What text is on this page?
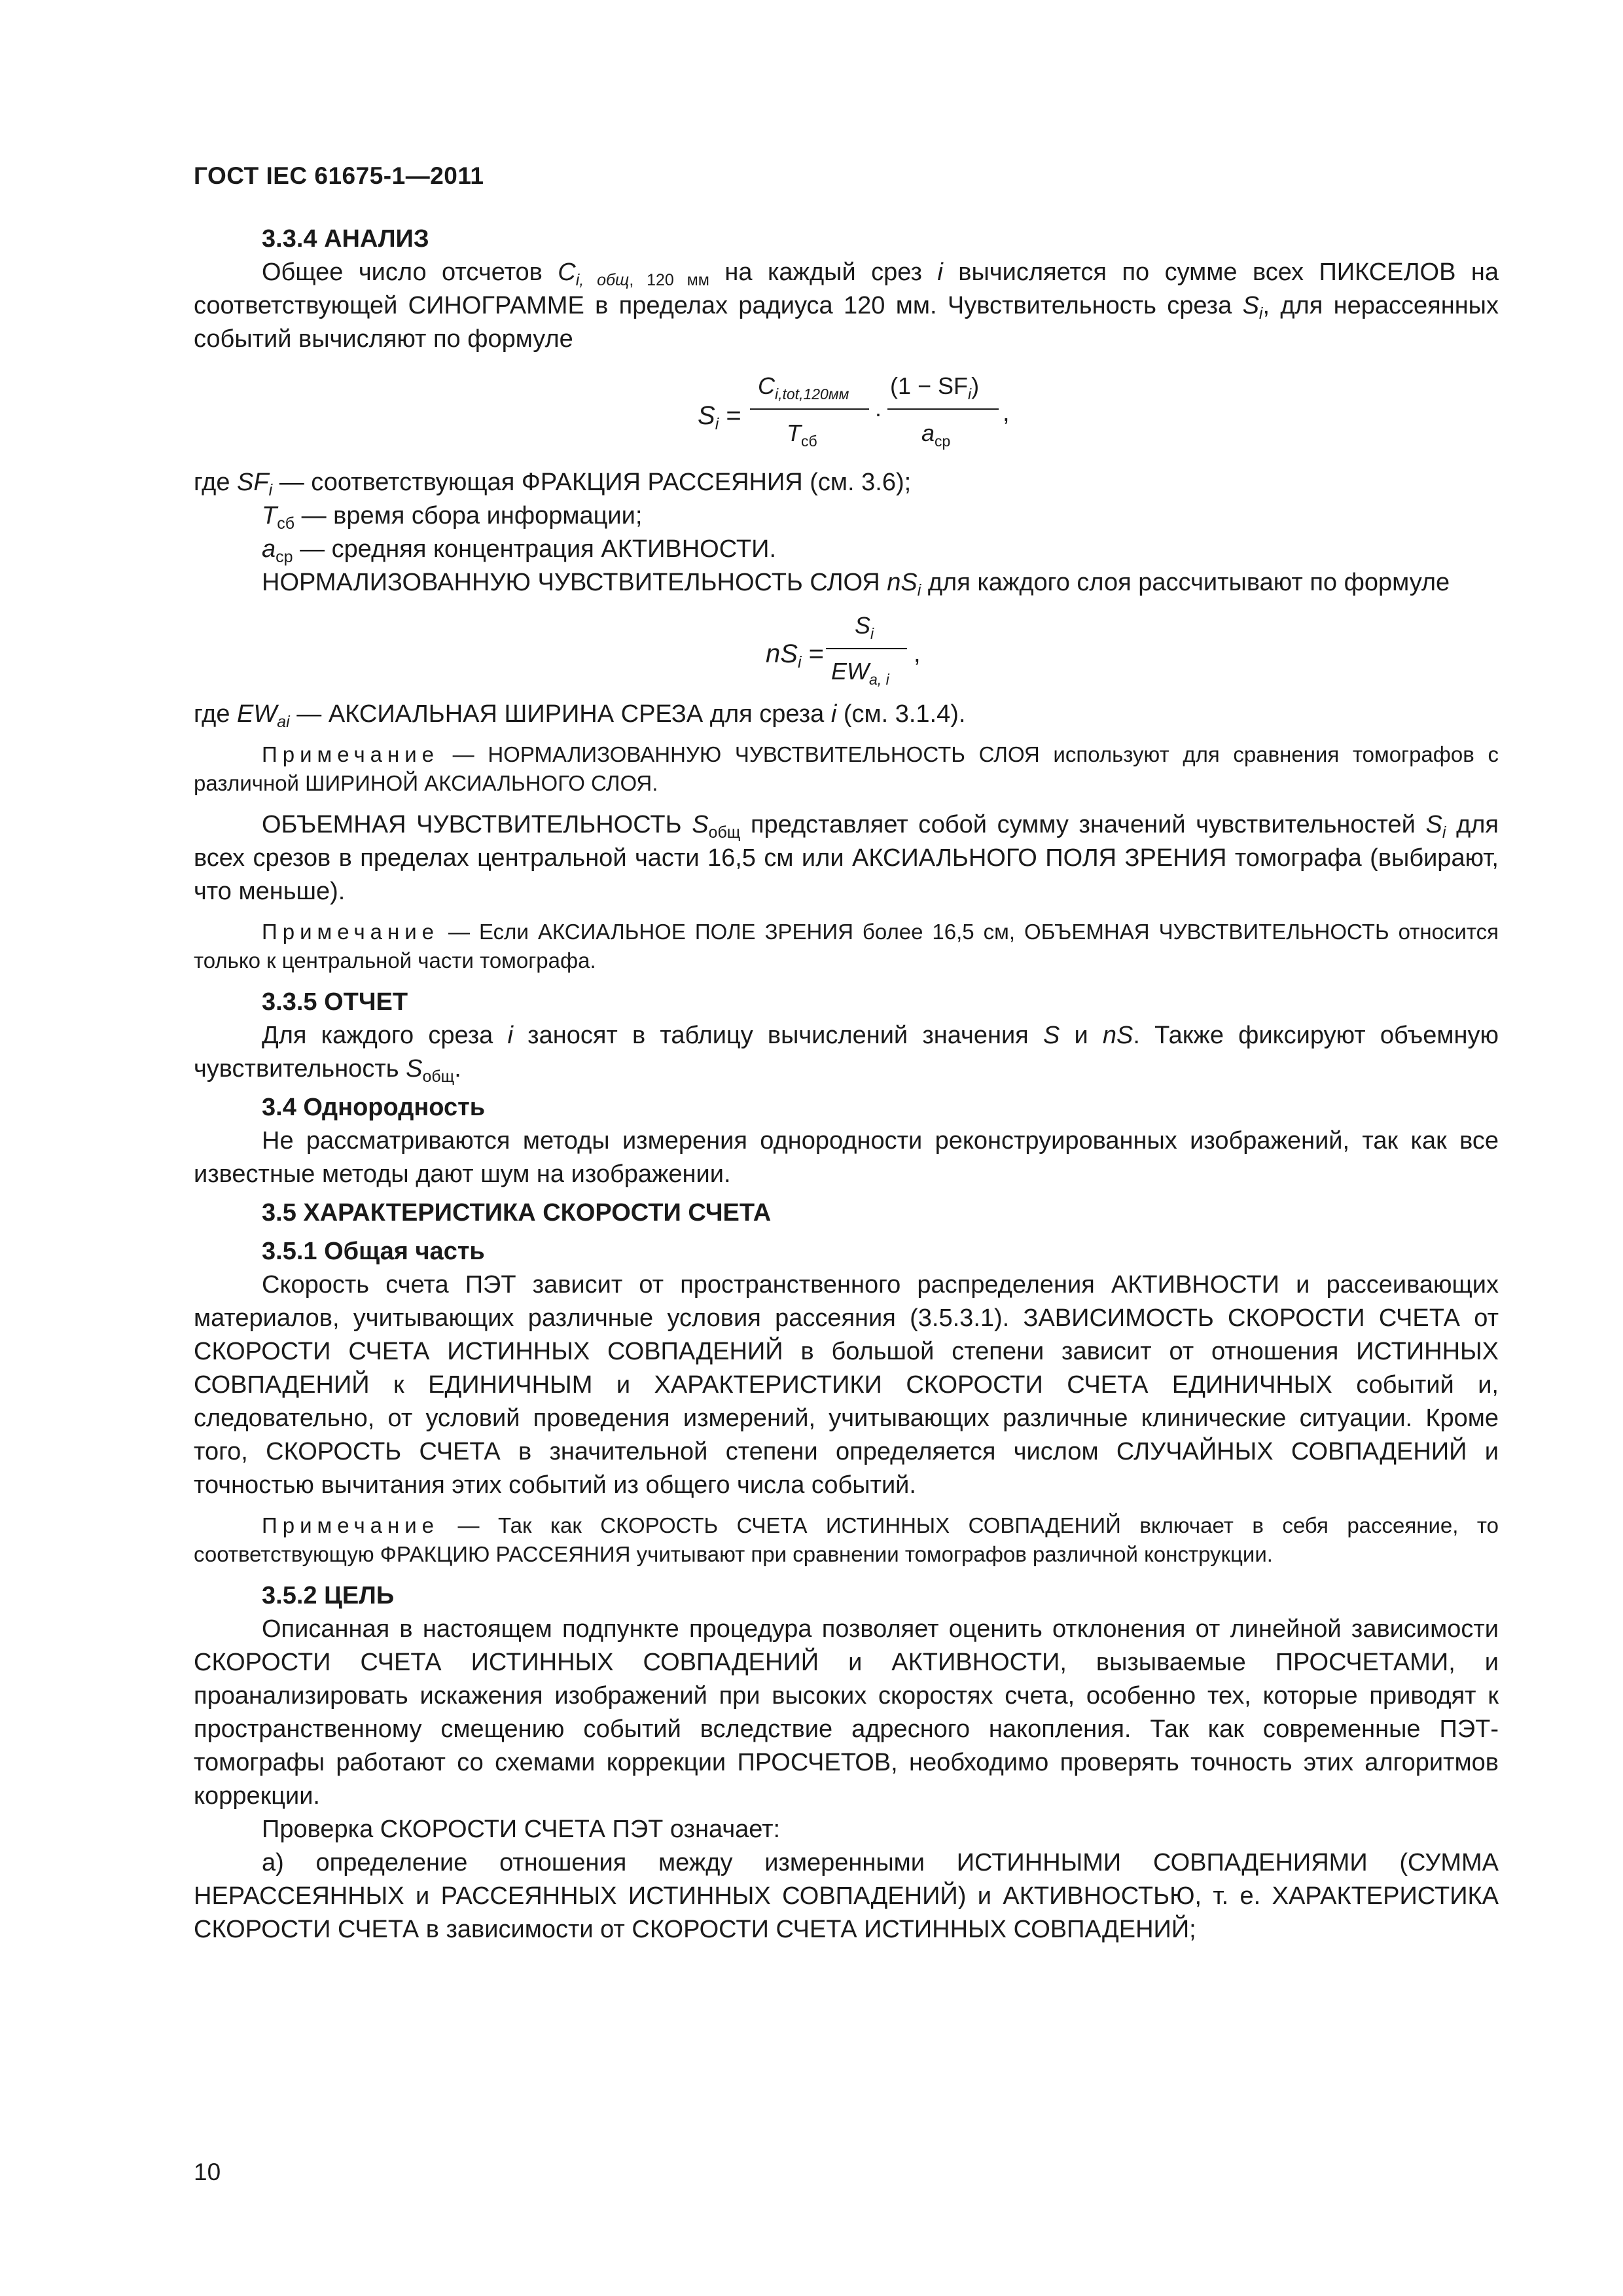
ГОСТ IEC 61675-1—2011

3.3.4 АНАЛИЗ

Общее число отсчетов $C_{i, общ, 120 мм}$ на каждый срез i вычисляется по сумме всех ПИКСЕЛОВ на соответствующей СИНОГРАММЕ в пределах радиуса 120 мм. Чувствительность среза $S_i$, для нерассеянных событий вычисляют по формуле

$S_i$ =
$C_{i,tot,120мм}$
$T_{сб}$
·
$(1 - SF_i)$
$a_{ср}$
,

где $SF_i$ — соответствующая ФРАКЦИЯ РАССЕЯНИЯ (см. 3.6);

$T_{сб}$ — время сбора информации;

$a_{ср}$ — средняя концентрация АКТИВНОСТИ.

НОРМАЛИЗОВАННУЮ ЧУВСТВИТЕЛЬНОСТЬ СЛОЯ $nS_i$ для каждого слоя рассчитывают по формуле

$nS_i$ =
$S_i$
$EW_{a, i}$
,

где $EW_{ai}$ — АКСИАЛЬНАЯ ШИРИНА СРЕЗА для среза i (см. 3.1.4).

Примечание — НОРМАЛИЗОВАННУЮ ЧУВСТВИТЕЛЬНОСТЬ СЛОЯ используют для сравнения томографов с различной ШИРИНОЙ АКСИАЛЬНОГО СЛОЯ.

ОБЪЕМНАЯ ЧУВСТВИТЕЛЬНОСТЬ $S_{общ}$ представляет собой сумму значений чувствительностей $S_i$ для всех срезов в пределах центральной части 16,5 см или АКСИАЛЬНОГО ПОЛЯ ЗРЕНИЯ томографа (выбирают, что меньше).

Примечание — Если АКСИАЛЬНОЕ ПОЛЕ ЗРЕНИЯ более 16,5 см, ОБЪЕМНАЯ ЧУВСТВИТЕЛЬНОСТЬ относится только к центральной части томографа.

3.3.5 ОТЧЕТ

Для каждого среза i заносят в таблицу вычислений значения S и nS. Также фиксируют объемную чувствительность $S_{общ}$.

3.4 Однородность

Не рассматриваются методы измерения однородности реконструированных изображений, так как все известные методы дают шум на изображении.

3.5 ХАРАКТЕРИСТИКА СКОРОСТИ СЧЕТА

3.5.1 Общая часть

Скорость счета ПЭТ зависит от пространственного распределения АКТИВНОСТИ и рассеивающих материалов, учитывающих различные условия рассеяния (3.5.3.1). ЗАВИСИМОСТЬ СКОРОСТИ СЧЕТА от СКОРОСТИ СЧЕТА ИСТИННЫХ СОВПАДЕНИЙ в большой степени зависит от отношения ИСТИННЫХ СОВПАДЕНИЙ к ЕДИНИЧНЫМ и ХАРАКТЕРИСТИКИ СКОРОСТИ СЧЕТА ЕДИНИЧНЫХ событий и, следовательно, от условий проведения измерений, учитывающих различные клинические ситуации. Кроме того, СКОРОСТЬ СЧЕТА в значительной степени определяется числом СЛУЧАЙНЫХ СОВПАДЕНИЙ и точностью вычитания этих событий из общего числа событий.

Примечание — Так как СКОРОСТЬ СЧЕТА ИСТИННЫХ СОВПАДЕНИЙ включает в себя рассеяние, то соответствующую ФРАКЦИЮ РАССЕЯНИЯ учитывают при сравнении томографов различной конструкции.

3.5.2 ЦЕЛЬ

Описанная в настоящем подпункте процедура позволяет оценить отклонения от линейной зависимости СКОРОСТИ СЧЕТА ИСТИННЫХ СОВПАДЕНИЙ и АКТИВНОСТИ, вызываемые ПРОСЧЕТАМИ, и проанализировать искажения изображений при высоких скоростях счета, особенно тех, которые приводят к пространственному смещению событий вследствие адресного накопления. Так как современные ПЭТ-томографы работают со схемами коррекции ПРОСЧЕТОВ, необходимо проверять точность этих алгоритмов коррекции.

Проверка СКОРОСТИ СЧЕТА ПЭТ означает:

а) определение отношения между измеренными ИСТИННЫМИ СОВПАДЕНИЯМИ (СУММА НЕРАССЕЯННЫХ и РАССЕЯННЫХ ИСТИННЫХ СОВПАДЕНИЙ) и АКТИВНОСТЬЮ, т. е. ХАРАКТЕРИСТИКА СКОРОСТИ СЧЕТА в зависимости от СКОРОСТИ СЧЕТА ИСТИННЫХ СОВПАДЕНИЙ;

10
